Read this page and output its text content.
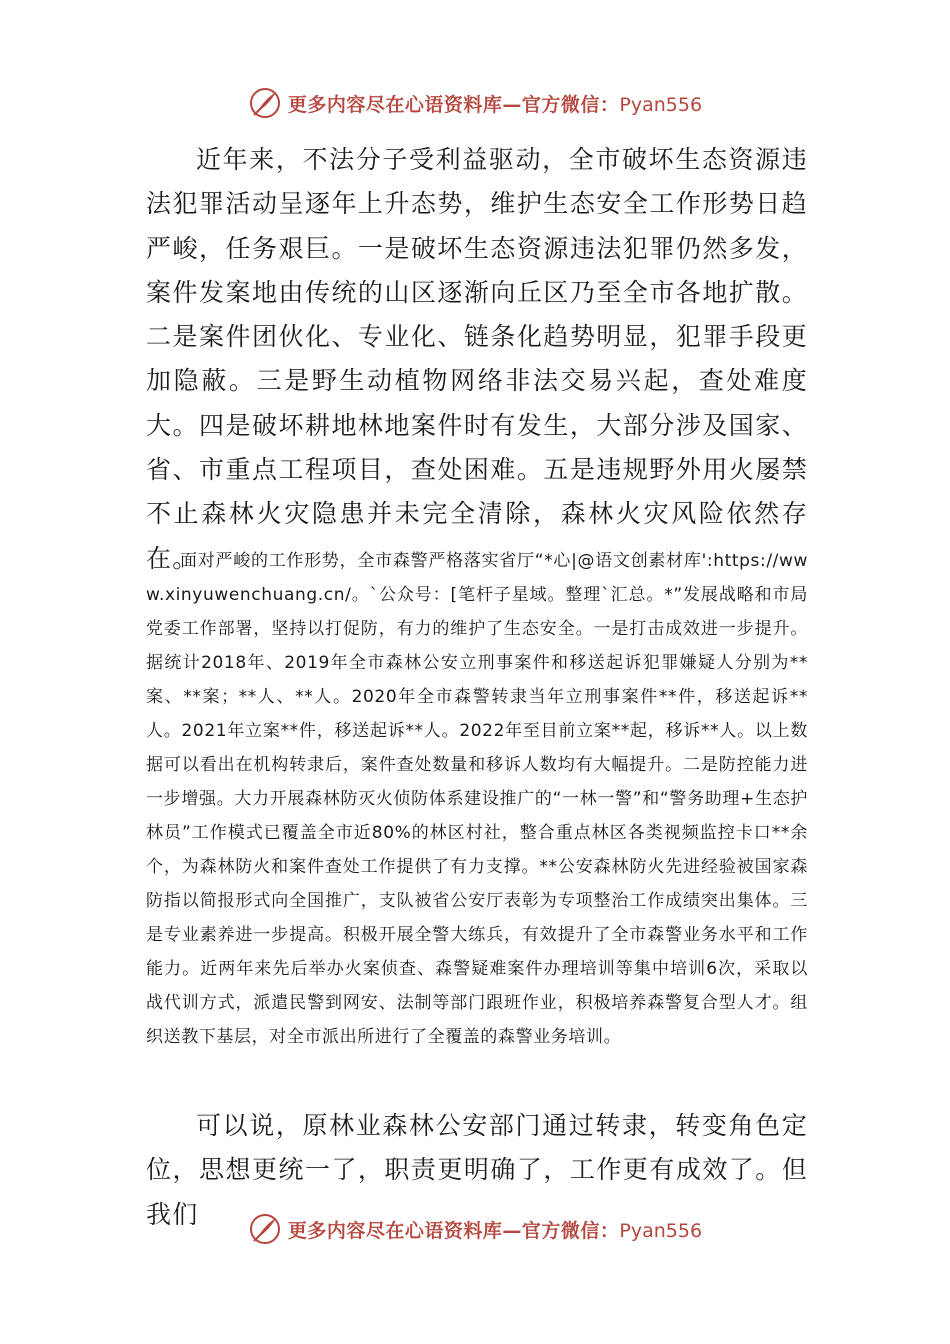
更多内容尽在心语资料库—官方微信：Pyan556

近年来，不法分子受利益驱动，全市破坏生态资源违法犯罪活动呈逐年上升态势，维护生态安全工作形势日趋严峻，任务艰巨。一是破坏生态资源违法犯罪仍然多发，案件发案地由传统的山区逐渐向丘区乃至全市各地扩散。二是案件团伙化、专业化、链条化趋势明显，犯罪手段更加隐蔽。三是野生动植物网络非法交易兴起，查处难度大。四是破坏耕地林地案件时有发生，大部分涉及国家、省、市重点工程项目，查处困难。五是违规野外用火屡禁不止森林火灾隐患并未完全清除，森林火灾风险依然存在。

面对严峻的工作形势，全市森警严格落实省厅“*心|@语文创素材库':https://www.xinyuwenchuang.cn/。`公众号：[笔杆子星域。整理`汇总。*”发展战略和市局党委工作部署，坚持以打促防，有力的维护了生态安全。一是打击成效进一步提升。据统计2018年、2019年全市森林公安立刑事案件和移送起诉犯罪嫌疑人分别为**案、**案；**人、**人。2020年全市森警转隶当年立刑事案件**件，移送起诉**人。2021年立案**件，移送起诉**人。2022年至目前立案**起，移诉**人。以上数据可以看出在机构转隶后，案件查处数量和移诉人数均有大幅提升。二是防控能力进一步增强。大力开展森林防灭火侦防体系建设推广的“一林一警”和“警务助理+生态护林员”工作模式已覆盖全市近80%的林区村社，整合重点林区各类视频监控卡口**余个，为森林防火和案件查处工作提供了有力支撑。**公安森林防火先进经验被国家森防指以简报形式向全国推广，支队被省公安厅表彰为专项整治工作成绩突出集体。三是专业素养进一步提高。积极开展全警大练兵，有效提升了全市森警业务水平和工作能力。近两年来先后举办火案侦查、森警疑难案件办理培训等集中培训6次，采取以战代训方式，派遣民警到网安、法制等部门跟班作业，积极培养森警复合型人才。组织送教下基层，对全市派出所进行了全覆盖的森警业务培训。

可以说，原林业森林公安部门通过转隶，转变角色定位，思想更统一了，职责更明确了，工作更有成效了。但我们

更多内容尽在心语资料库—官方微信：Pyan556
